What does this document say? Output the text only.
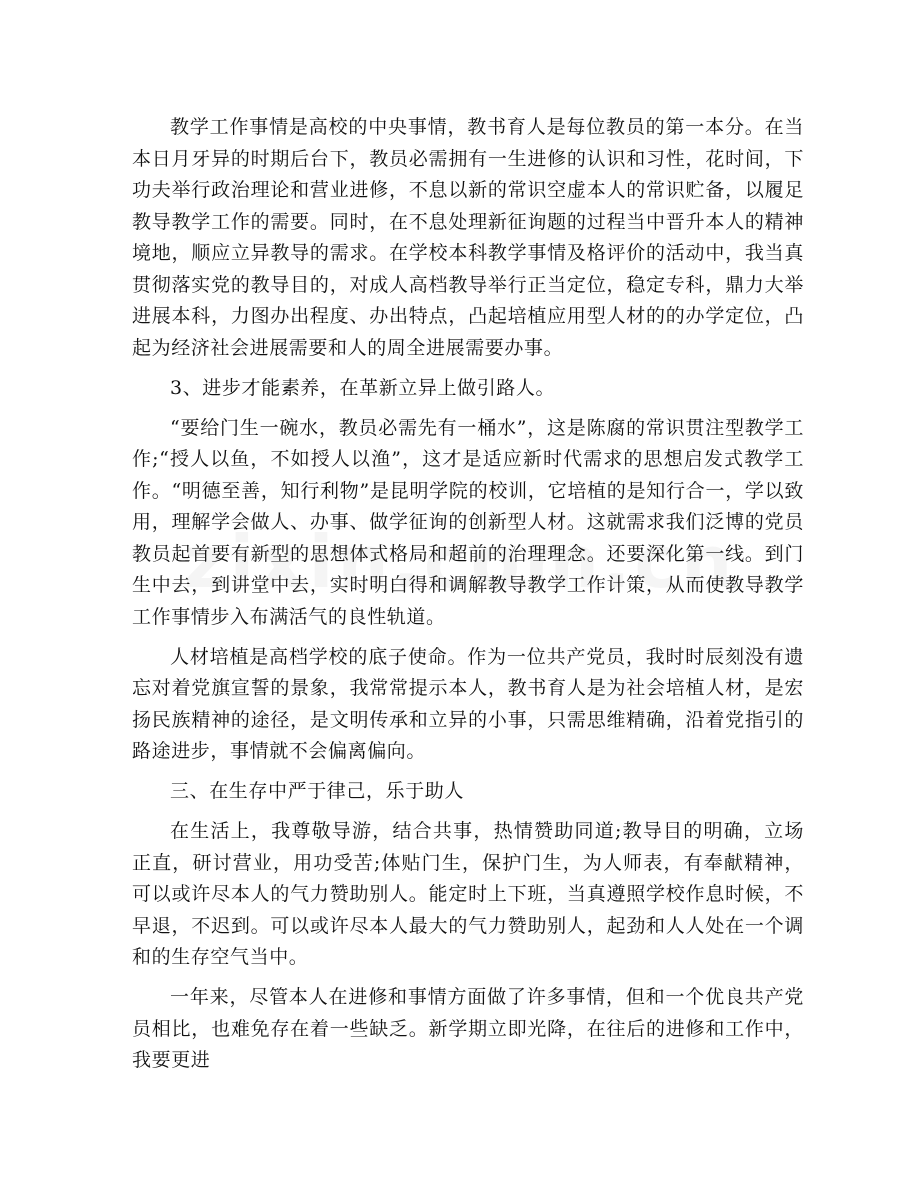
教学工作事情是高校的中央事情，教书育人是每位教员的第一本分。在当本日月牙异的时期后台下，教员必需拥有一生进修的认识和习性，花时间，下功夫举行政治理论和营业进修，不息以新的常识空虚本人的常识贮备，以履足教导教学工作的需要。同时，在不息处理新征询题的过程当中晋升本人的精神境地，顺应立异教导的需求。在学校本科教学事情及格评价的活动中，我当真贯彻落实党的教导目的，对成人高档教导举行正当定位，稳定专科，鼎力大举进展本科，力图办出程度、办出特点，凸起培植应用型人材的的办学定位，凸起为经济社会进展需要和人的周全进展需要办事。

3、进步才能素养，在革新立异上做引路人。

“要给门生一碗水，教员必需先有一桶水”，这是陈腐的常识贯注型教学工作;“授人以鱼，不如授人以渔”，这才是适应新时代需求的思想启发式教学工作。“明德至善，知行利物”是昆明学院的校训，它培植的是知行合一，学以致用，理解学会做人、办事、做学征询的创新型人材。这就需求我们泛博的党员教员起首要有新型的思想体式格局和超前的治理理念。还要深化第一线。到门生中去，到讲堂中去，实时明白得和调解教导教学工作计策，从而使教导教学工作事情步入布满活气的良性轨道。

人材培植是高档学校的底子使命。作为一位共产党员，我时时辰刻没有遗忘对着党旗宣誓的景象，我常常提示本人，教书育人是为社会培植人材，是宏扬民族精神的途径，是文明传承和立异的小事，只需思维精确，沿着党指引的路途进步，事情就不会偏离偏向。

三、在生存中严于律己，乐于助人

在生活上，我尊敬导游，结合共事，热情赞助同道;教导目的明确，立场正直，研讨营业，用功受苦;体贴门生，保护门生，为人师表，有奉献精神，可以或许尽本人的气力赞助别人。能定时上下班，当真遵照学校作息时候，不早退，不迟到。可以或许尽本人最大的气力赞助别人，起劲和人人处在一个调和的生存空气当中。

一年来，尽管本人在进修和事情方面做了许多事情，但和一个优良共产党员相比，也难免存在着一些缺乏。新学期立即光降，在往后的进修和工作中，我要更进
